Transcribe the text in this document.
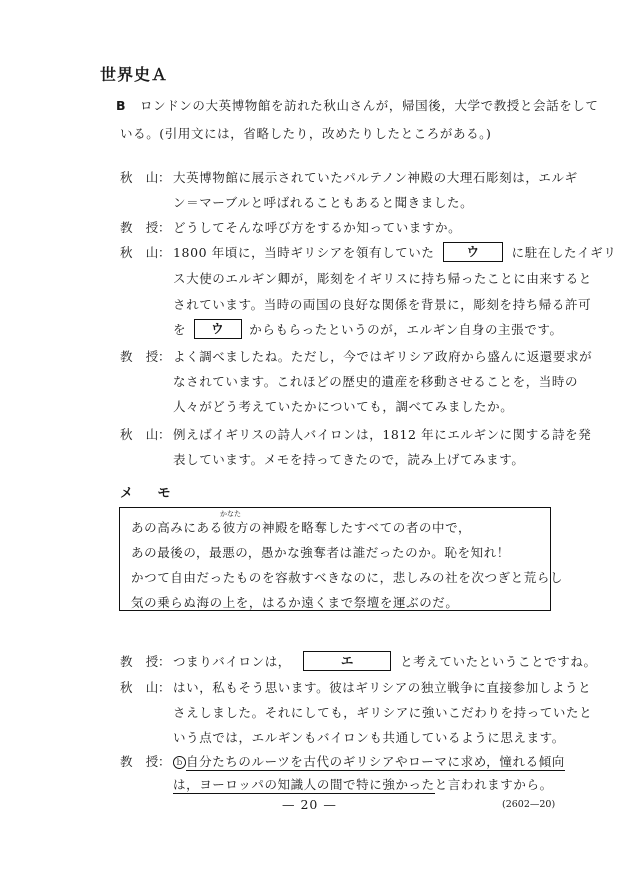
世界史Ａ
B ロンドンの大英博物館を訪れた秋山さんが，帰国後，大学で教授と会話をして
いる。(引用文には，省略したり，改めたりしたところがある。)
秋　山： 大英博物館に展示されていたパルテノン神殿の大理石彫刻は，エルギ
ン＝マーブルと呼ばれることもあると聞きました。
教　授： どうしてそんな呼び方をするか知っていますか。
秋　山： 1800 年頃に，当時ギリシアを領有していた	ウ	に駐在したイギリ
ス大使のエルギン卿が，彫刻をイギリスに持ち帰ったことに由来すると
されています。当時の両国の良好な関係を背景に，彫刻を持ち帰る許可
を ウ からもらったというのが，エルギン自身の主張です。
教　授： よく調べましたね。ただし，今ではギリシア政府から盛んに返還要求が
なされています。これほどの歴史的遺産を移動させることを，当時の
人々がどう考えていたかについても，調べてみましたか。
秋　山： 例えばイギリスの詩人バイロンは，1812 年にエルギンに関する詩を発
表しています。メモを持ってきたので，読み上げてみます。
メ モ
かなた
あの高みにある彼方の神殿を略奪したすべての者の中で，
あの最後の，最悪の，愚かな強奪者は誰だったのか。恥を知れ！
かつて自由だったものを容赦すべきなのに，悲しみの社を次つぎと荒らし
気の乗らぬ海の上を，はるか遠くまで祭壇を運ぶのだ。
教　授： つまりバイロンは，	エ	と考えていたということですね。
秋　山： はい，私もそう思います。彼はギリシアの独立戦争に直接参加しようと
さえしました。それにしても，ギリシアに強いこだわりを持っていたと
いう点では，エルギンもバイロンも共通しているように思えます。
教　授： ｂ 自分たちのルーツを古代のギリシアやローマに求め，憧れる傾向
は，ヨーロッパの知識人の間で特に強かったと言われますから。
— 20 —	(2602—20)
